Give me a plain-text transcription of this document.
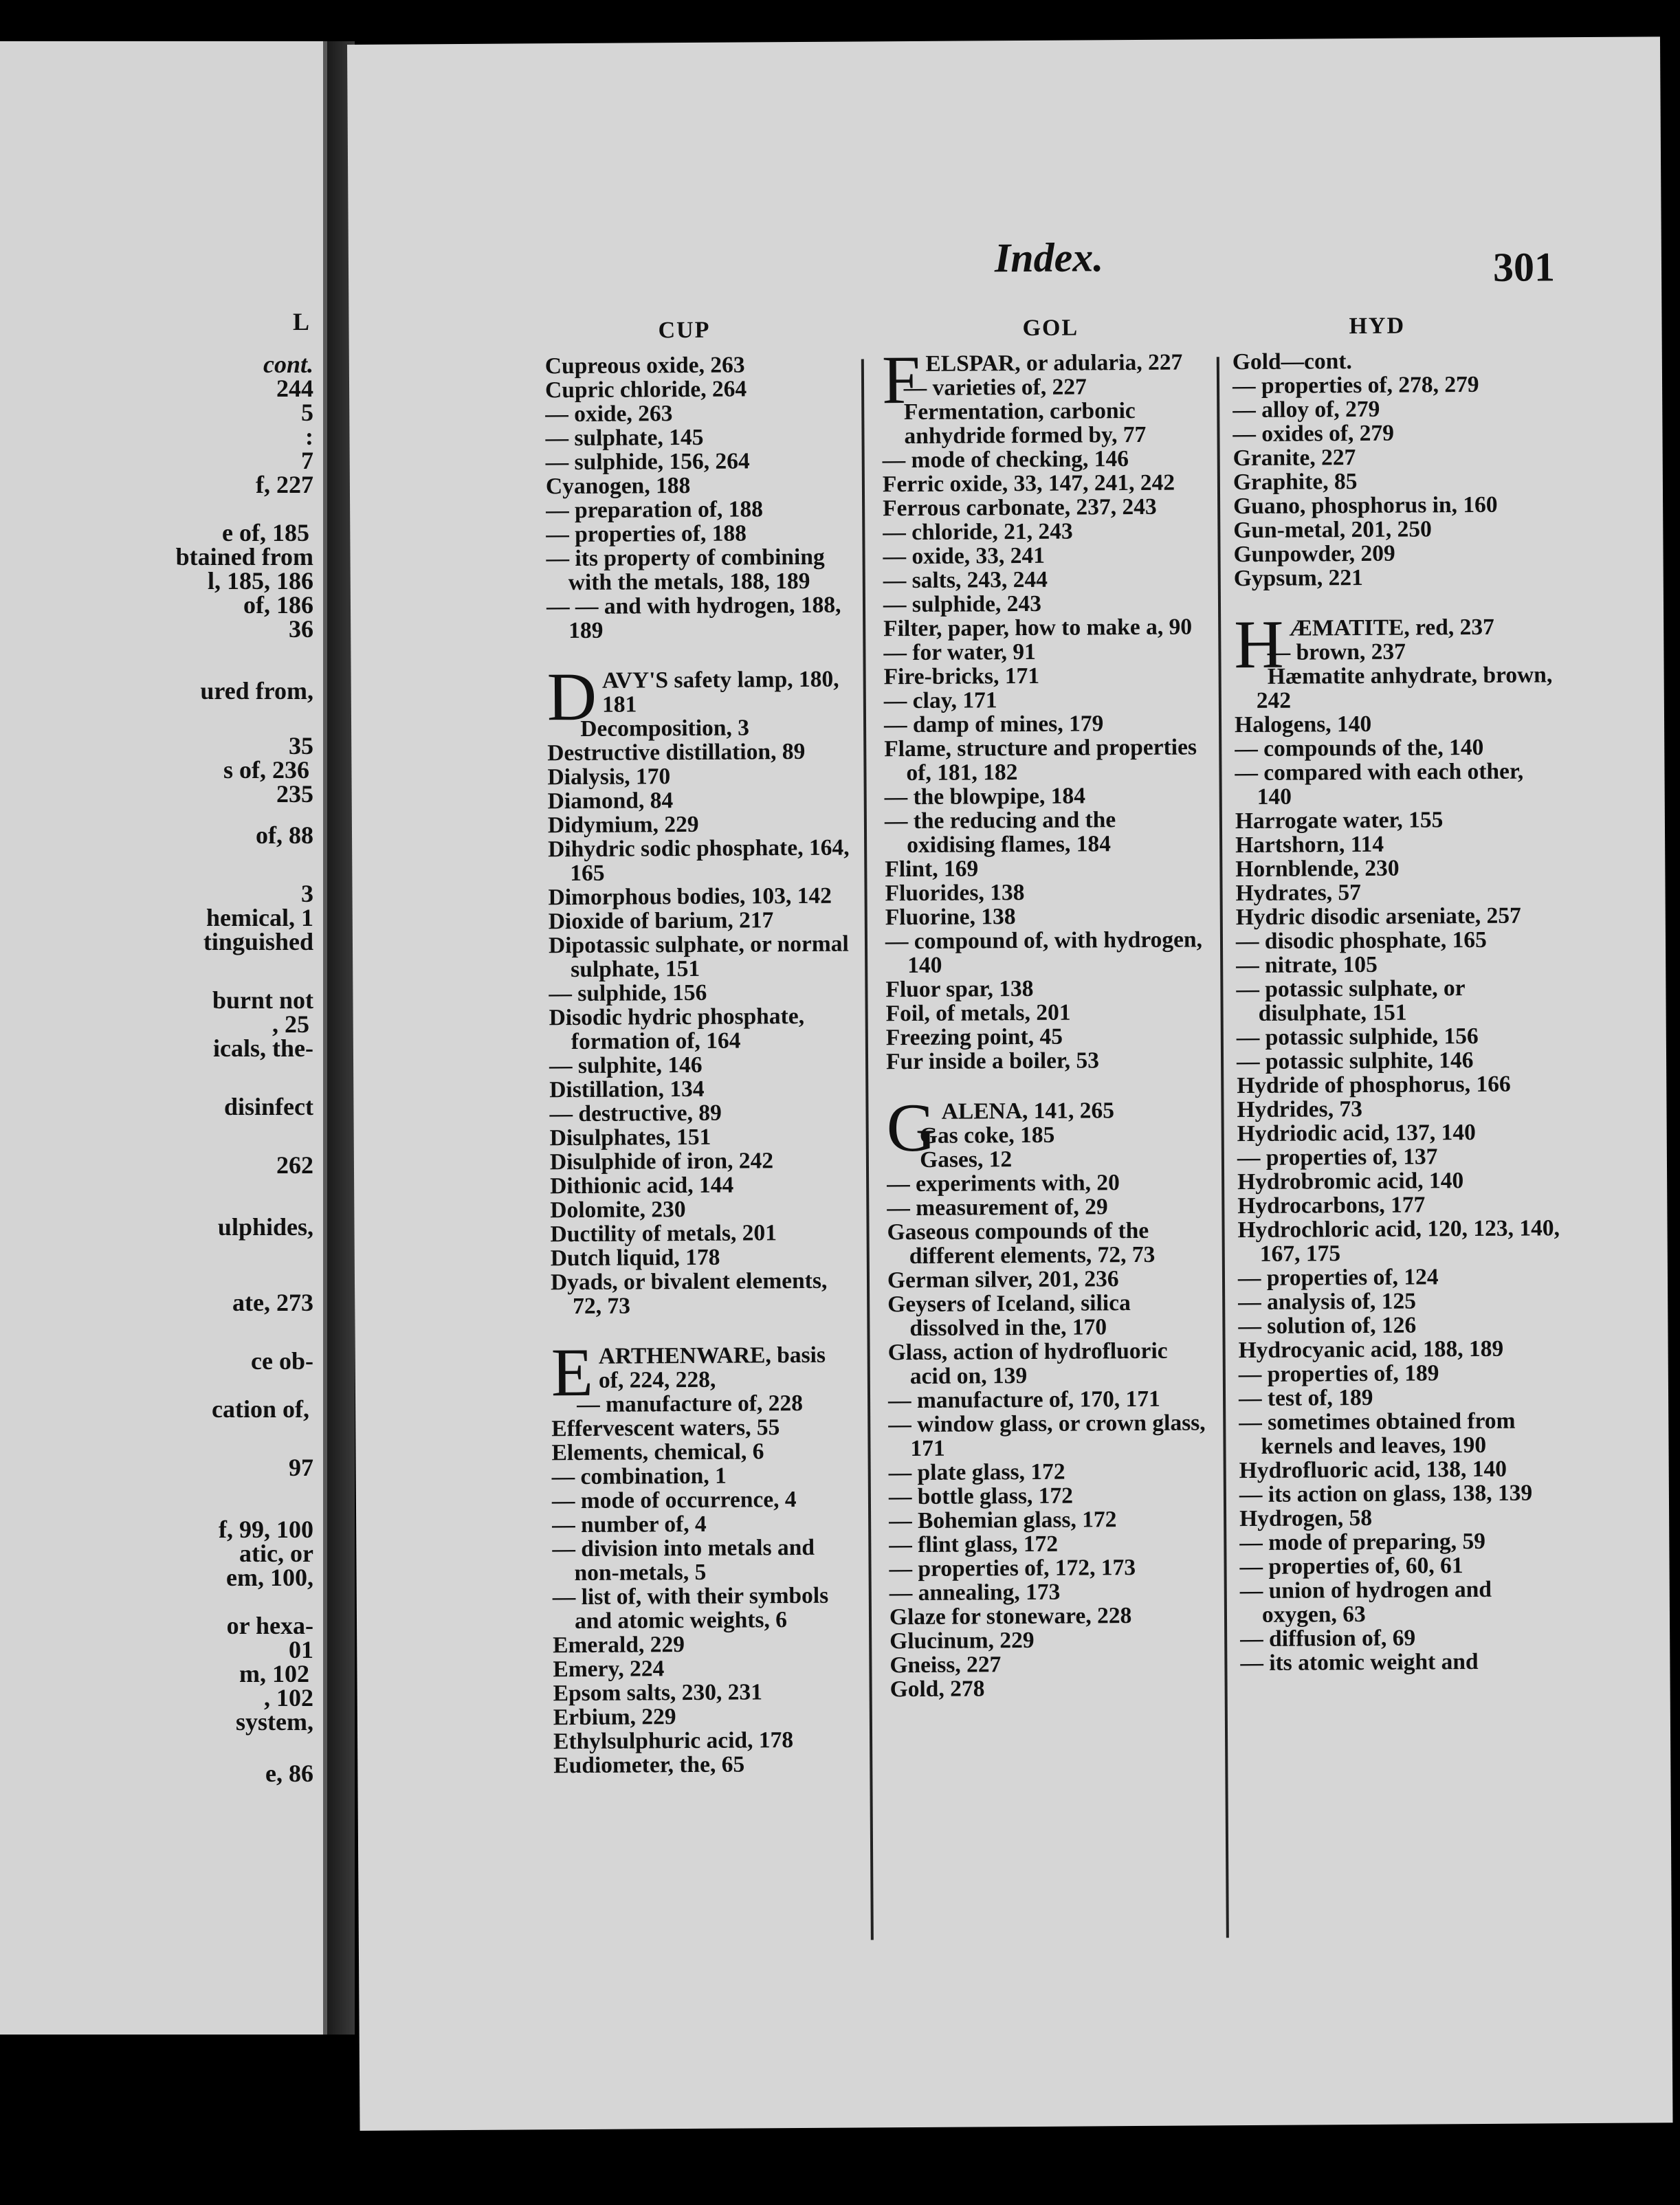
L
cont.
244
5
:
7
f, 227
e of, 185
btained from
l, 185, 186
of, 186
36
ured from,
35
s of, 236
235
of, 88
3
hemical, 1
tinguished
burnt not
, 25
icals, the-
disinfect
262
ulphides,
ate, 273
ce ob-
cation of,
97
f, 99, 100
atic, or
em, 100,
or hexa-
01
m, 102
, 102
system,
e, 86
Index.	301
CUP	GOL	HYD
Cupreous oxide, 263
Cupric chloride, 264
— oxide, 263
— sulphate, 145
— sulphide, 156, 264
Cyanogen, 188
— preparation of, 188
— properties of, 188
— its property of combining with the metals, 188, 189
— — and with hydrogen, 188, 189
D AVY'S safety lamp, 180, 181
Decomposition, 3
Destructive distillation, 89
Dialysis, 170
Diamond, 84
Didymium, 229
Dihydric sodic phosphate, 164, 165
Dimorphous bodies, 103, 142
Dioxide of barium, 217
Dipotassic sulphate, or normal sulphate, 151
— sulphide, 156
Disodic hydric phosphate, formation of, 164
— sulphite, 146
Distillation, 134
— destructive, 89
Disulphates, 151
Disulphide of iron, 242
Dithionic acid, 144
Dolomite, 230
Ductility of metals, 201
Dutch liquid, 178
Dyads, or bivalent elements, 72, 73
E ARTHENWARE, basis of, 224, 228,
— manufacture of, 228
Effervescent waters, 55
Elements, chemical, 6
— combination, 1
— mode of occurrence, 4
— number of, 4
— division into metals and non-metals, 5
— list of, with their symbols and atomic weights, 6
Emerald, 229
Emery, 224
Epsom salts, 230, 231
Erbium, 229
Ethylsulphuric acid, 178
Eudiometer, the, 65
F ELSPAR, or adularia, 227
— varieties of, 227
Fermentation, carbonic anhydride formed by, 77
— mode of checking, 146
Ferric oxide, 33, 147, 241, 242
Ferrous carbonate, 237, 243
— chloride, 21, 243
— oxide, 33, 241
— salts, 243, 244
— sulphide, 243
Filter, paper, how to make a, 90
— for water, 91
Fire-bricks, 171
— clay, 171
— damp of mines, 179
Flame, structure and properties of, 181, 182
— the blowpipe, 184
— the reducing and the oxidising flames, 184
Flint, 169
Fluorides, 138
Fluorine, 138
— compound of, with hydrogen, 140
Fluor spar, 138
Foil, of metals, 201
Freezing point, 45
Fur inside a boiler, 53
G ALENA, 141, 265
Gas coke, 185
Gases, 12
— experiments with, 20
— measurement of, 29
Gaseous compounds of the different elements, 72, 73
German silver, 201, 236
Geysers of Iceland, silica dissolved in the, 170
Glass, action of hydrofluoric acid on, 139
— manufacture of, 170, 171
— window glass, or crown glass, 171
— plate glass, 172
— bottle glass, 172
— Bohemian glass, 172
— flint glass, 172
— properties of, 172, 173
— annealing, 173
Glaze for stoneware, 228
Glucinum, 229
Gneiss, 227
Gold, 278
Gold—cont.
— properties of, 278, 279
— alloy of, 279
— oxides of, 279
Granite, 227
Graphite, 85
Guano, phosphorus in, 160
Gun-metal, 201, 250
Gunpowder, 209
Gypsum, 221
H ÆMATITE, red, 237
— brown, 237
Hæmatite anhydrate, brown, 242
Halogens, 140
— compounds of the, 140
— compared with each other, 140
Harrogate water, 155
Hartshorn, 114
Hornblende, 230
Hydrates, 57
Hydric disodic arseniate, 257
— disodic phosphate, 165
— nitrate, 105
— potassic sulphate, or disulphate, 151
— potassic sulphide, 156
— potassic sulphite, 146
Hydride of phosphorus, 166
Hydrides, 73
Hydriodic acid, 137, 140
— properties of, 137
Hydrobromic acid, 140
Hydrocarbons, 177
Hydrochloric acid, 120, 123, 140, 167, 175
— properties of, 124
— analysis of, 125
— solution of, 126
Hydrocyanic acid, 188, 189
— properties of, 189
— test of, 189
— sometimes obtained from kernels and leaves, 190
Hydrofluoric acid, 138, 140
— its action on glass, 138, 139
Hydrogen, 58
— mode of preparing, 59
— properties of, 60, 61
— union of hydrogen and oxygen, 63
— diffusion of, 69
— its atomic weight and
